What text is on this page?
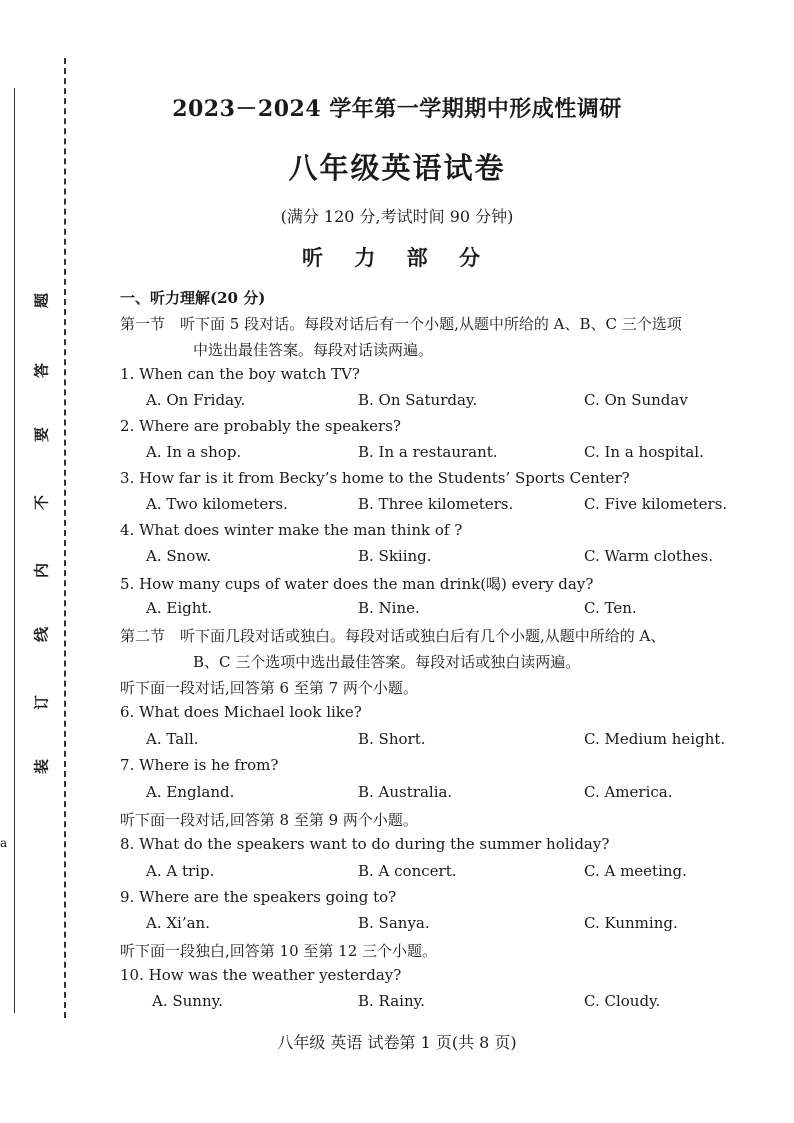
题
答
要
不
内
线
订
装
a
2023－2024 学年第一学期期中形成性调研
八年级英语试卷
(满分 120 分,考试时间 90 分钟)
听 力 部 分
一、听力理解(20 分)
第一节　听下面 5 段对话。每段对话后有一个小题,从题中所给的 A、B、C 三个选项
中选出最佳答案。每段对话读两遍。
1. When can the boy watch TV?
A. On Friday.	B. On Saturday.	C. On Sundav
2. Where are probably the speakers?
A. In a shop.	B. In a restaurant.	C. In a hospital.
3. How far is it from Becky’s home to the Students’ Sports Center?
A. Two kilometers.	B. Three kilometers.	C. Five kilometers.
4. What does winter make the man think of ?
A. Snow.	B. Skiing.	C. Warm clothes.
5. How many cups of water does the man drink(喝) every day?
A. Eight.	B. Nine.	C. Ten.
第二节　听下面几段对话或独白。每段对话或独白后有几个小题,从题中所给的 A、
B、C 三个选项中选出最佳答案。每段对话或独白读两遍。
听下面一段对话,回答第 6 至第 7 两个小题。
6. What does Michael look like?
A. Tall.	B. Short.	C. Medium height.
7. Where is he from?
A. England.	B. Australia.	C. America.
听下面一段对话,回答第 8 至第 9 两个小题。
8. What do the speakers want to do during the summer holiday?
A. A trip.	B. A concert.	C. A meeting.
9. Where are the speakers going to?
A. Xi’an.	B. Sanya.	C. Kunming.
听下面一段独白,回答第 10 至第 12 三个小题。
10. How was the weather yesterday?
A. Sunny.	B. Rainy.	C. Cloudy.
八年级 英语 试卷第 1 页(共 8 页)
